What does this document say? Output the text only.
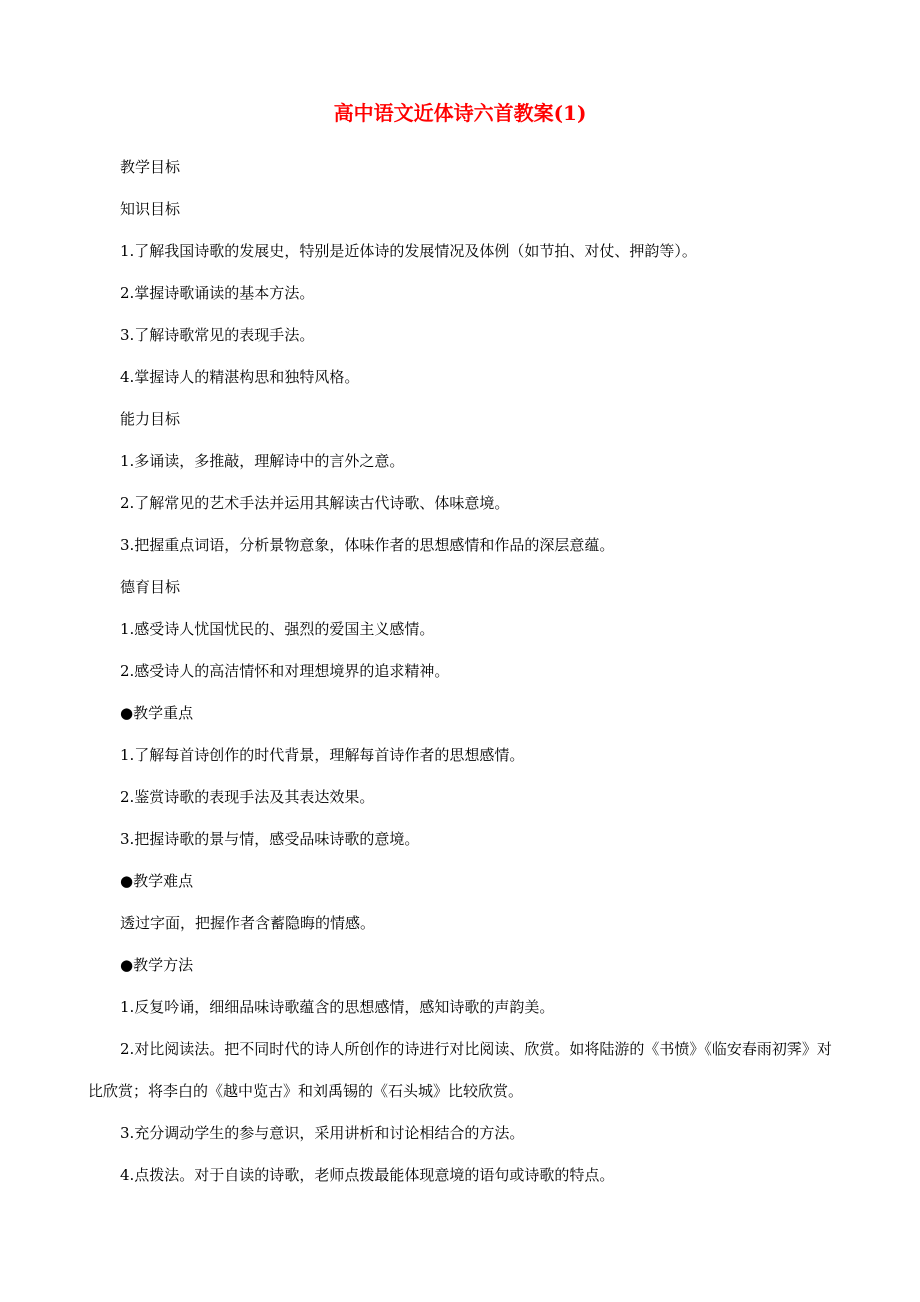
高中语文近体诗六首教案(1)

教学目标

知识目标

1.了解我国诗歌的发展史，特别是近体诗的发展情况及体例（如节拍、对仗、押韵等）。

2.掌握诗歌诵读的基本方法。

3.了解诗歌常见的表现手法。

4.掌握诗人的精湛构思和独特风格。

能力目标

1.多诵读，多推敲，理解诗中的言外之意。

2.了解常见的艺术手法并运用其解读古代诗歌、体味意境。

3.把握重点词语，分析景物意象，体味作者的思想感情和作品的深层意蕴。

德育目标

1.感受诗人忧国忧民的、强烈的爱国主义感情。

2.感受诗人的高洁情怀和对理想境界的追求精神。

●教学重点

1.了解每首诗创作的时代背景，理解每首诗作者的思想感情。

2.鉴赏诗歌的表现手法及其表达效果。

3.把握诗歌的景与情，感受品味诗歌的意境。

●教学难点

透过字面，把握作者含蓄隐晦的情感。

●教学方法

1.反复吟诵，细细品味诗歌蕴含的思想感情，感知诗歌的声韵美。

2.对比阅读法。把不同时代的诗人所创作的诗进行对比阅读、欣赏。如将陆游的《书愤》《临安春雨初霁》对比欣赏；将李白的《越中览古》和刘禹锡的《石头城》比较欣赏。

3.充分调动学生的参与意识，采用讲析和讨论相结合的方法。

4.点拨法。对于自读的诗歌，老师点拨最能体现意境的语句或诗歌的特点。
